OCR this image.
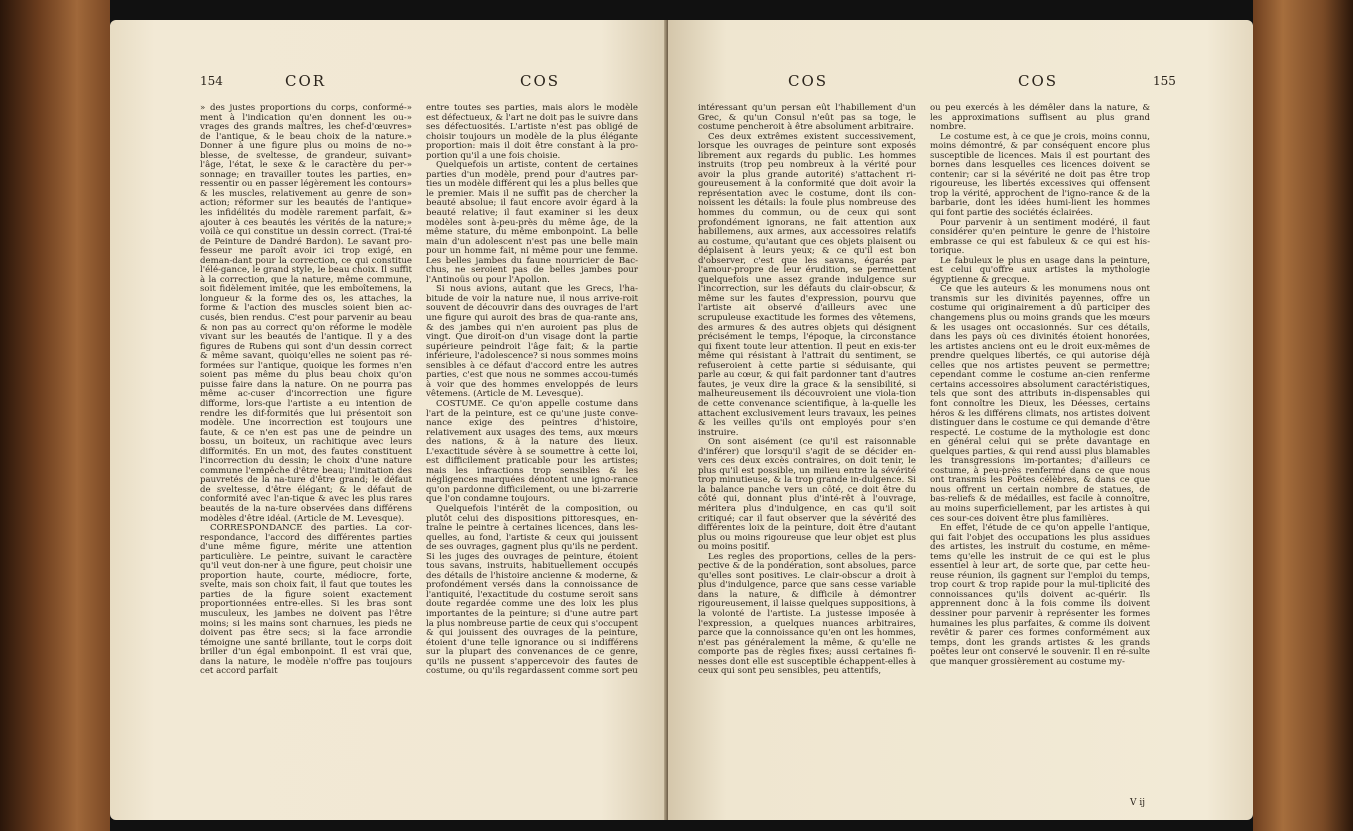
154	COR	COS

» des justes proportions du corps, conformé-» ment à l'indication qu'en donnent les ou-» vrages des grands maîtres, les chef-d'œuvres» de l'antique, & le beau choix de la nature.» Donner à une figure plus ou moins de no-» blesse, de sveltesse, de grandeur, suivant» l'âge, l'état, le sexe & le caractère du per-» sonnage; en travailler toutes les parties, en» ressentir ou en passer légèrement les contours» & les muscles, relativement au genre de son» action; réformer sur les beautés de l'antique» les infidélités du modèle rarement parfait, &» ajouter à ces beautés les vérités de la nature;» voilà ce qui constitue un dessin correct. (Trai-té de Peinture de Dandré Bardon). Le savant pro-fesseur me paroît avoir ici trop exigé, en deman-dant pour la correction, ce qui constitue l'élé-gance, le grand style, le beau choix. Il suffit à la correction, que la nature, même commune, soit fidèlement imitée, que les emboîtemens, la longueur & la forme des os, les attaches, la forme & l'action des muscles soient bien ac-cusés, bien rendus. C'est pour parvenir au beau & non pas au correct qu'on réforme le modèle vivant sur les beautés de l'antique. Il y a des figures de Rubens qui sont d'un dessin correct & même savant, quoiqu'elles ne soient pas ré-formées sur l'antique, quoique les formes n'en soient pas même du plus beau choix qu'on puisse faire dans la nature. On ne pourra pas même ac-cuser d'incorrection une figure difforme, lors-que l'artiste a eu intention de rendre les dif-formités que lui présentoit son modèle. Une incorrection est toujours une faute, & ce n'en est pas une de peindre un bossu, un boiteux, un rachitique avec leurs difformités. En un mot, des fautes constituent l'incorrection du dessin; le choix d'une nature commune l'empêche d'être beau; l'imitation des pauvretés de la na-ture d'être grand; le défaut de sveltesse, d'être élégant; & le défaut de conformité avec l'an-tique & avec les plus rares beautés de la na-ture observées dans différens modèles d'être idéal. (Article de M. Levesque).

CORRESPONDANCE des parties. La cor-respondance, l'accord des différentes parties d'une même figure, mérite une attention particulière. Le peintre, suivant le caractère qu'il veut don-ner à une figure, peut choisir une proportion haute, courte, médiocre, forte, svelte, mais son choix fait, il faut que toutes les parties de la figure soient exactement proportionnées entre-elles. Si les bras sont musculeux, les jambes ne doivent pas l'être moins; si les mains sont charnues, les pieds ne doivent pas être secs; si la face arrondie témoigne une santé brillante, tout le corps doit briller d'un égal embonpoint. Il est vrai que, dans la nature, le modèle n'offre pas toujours cet accord parfait

entre toutes ses parties, mais alors le modèle est défectueux, & l'art ne doit pas le suivre dans ses défectuosités. L'artiste n'est pas obligé de choisir toujours un modèle de la plus élégante proportion: mais il doit être constant à la pro-portion qu'il a une fois choisie.

Quelquefois un artiste, content de certaines parties d'un modèle, prend pour d'autres par-ties un modèle différent qui les a plus belles que le premier. Mais il ne suffit pas de chercher la beauté absolue; il faut encore avoir égard à la beauté relative; il faut examiner si les deux modèles sont à-peu-près du même âge, de la même stature, du même embonpoint. La belle main d'un adolescent n'est pas une belle main pour un homme fait, ni même pour une femme. Les belles jambes du faune nourricier de Bac-chus, ne seroient pas de belles jambes pour l'Antinoüs ou pour l'Apollon.

Si nous avions, autant que les Grecs, l'ha-bitude de voir la nature nue, il nous arrive-roit souvent de découvrir dans des ouvrages de l'art une figure qui auroit des bras de qua-rante ans, & des jambes qui n'en auroient pas plus de vingt. Que diroit-on d'un visage dont la partie supérieure peindroit l'âge fait; & la partie inférieure, l'adolescence? si nous sommes moins sensibles à ce défaut d'accord entre les autres parties, c'est que nous ne sommes accou-tumés à voir que des hommes enveloppés de leurs vêtemens. (Article de M. Levesque).

COSTUME. Ce qu'on appelle costume dans l'art de la peinture, est ce qu'une juste conve-nance exige des peintres d'histoire, relativement aux usages des tems, aux mœurs des nations, & à la nature des lieux. L'exactitude sévère à se soumettre à cette loi, est difficilement praticable pour les artistes; mais les infractions trop sensibles & les négligences marquées dénotent une igno-rance qu'on pardonne difficilement, ou une bi-zarrerie que l'on condamne toujours.

Quelquefois l'intérêt de la composition, ou plutôt celui des dispositions pittoresques, en-traîne le peintre à certaines licences, dans les-quelles, au fond, l'artiste & ceux qui jouissent de ses ouvrages, gagnent plus qu'ils ne perdent. Si les juges des ouvrages de peinture, étoient tous savans, instruits, habituellement occupés des détails de l'histoire ancienne & moderne, & profondément versés dans la connoissance de l'antiquité, l'exactitude du costume seroit sans doute regardée comme une des loix les plus importantes de la peinture; si d'une autre part la plus nombreuse partie de ceux qui s'occupent & qui jouissent des ouvrages de la peinture, étoient d'une telle ignorance ou si indifférens sur la plupart des convenances de ce genre, qu'ils ne pussent s'appercevoir des fautes de costume, ou qu'ils regardassent comme sort peu

COS	COS	155

intéressant qu'un persan eût l'habillement d'un Grec, & qu'un Consul n'eût pas sa toge, le costume pencheroit à être absolument arbitraire.

Ces deux extrêmes existent successivement, lorsque les ouvrages de peinture sont exposés librement aux regards du public. Les hommes instruits (trop peu nombreux à la vérité pour avoir la plus grande autorité) s'attachent ri-goureusement à la conformité que doit avoir la représentation avec le costume, dont ils con-noissent les détails: la foule plus nombreuse des hommes du commun, ou de ceux qui sont profondément ignorans, ne fait attention aux habillemens, aux armes, aux accessoires relatifs au costume, qu'autant que ces objets plaisent ou déplaisent à leurs yeux; & ce qu'il est bon d'observer, c'est que les savans, égarés par l'amour-propre de leur érudition, se permettent quelquefois une assez grande indulgence sur l'incorrection, sur les défauts du clair-obscur, & même sur les fautes d'expression, pourvu que l'artiste ait observé d'ailleurs avec une scrupuleuse exactitude les formes des vêtemens, des armures & des autres objets qui désignent précisément le temps, l'époque, la circonstance qui fixent toute leur attention. Il peut en exis-ter même qui résistant à l'attrait du sentiment, se refuseroient à cette partie si séduisante, qui parle au cœur, & qui fait pardonner tant d'autres fautes, je veux dire la grace & la sensibilité, si malheureusement ils découvroient une viola-tion de cette convenance scientifique, à la-quelle les attachent exclusivement leurs travaux, les peines & les veilles qu'ils ont employés pour s'en instruire.

On sont aisément (ce qu'il est raisonnable d'inférer) que lorsqu'il s'agit de se décider en-vers ces deux excès contraires, on doit tenir, le plus qu'il est possible, un milieu entre la sévérité trop minutieuse, & la trop grande in-dulgence. Si la balance panche vers un côté, ce doit être du côté qui, donnant plus d'inté-rêt à l'ouvrage, méritera plus d'indulgence, en cas qu'il soit critiqué; car il faut observer que la sévérité des différentes loix de la peinture, doit être d'autant plus ou moins rigoureuse que leur objet est plus ou moins positif.

Les regles des proportions, celles de la pers-pective & de la pondération, sont absolues, parce qu'elles sont positives. Le clair-obscur a droit à plus d'indulgence, parce que sans cesse variable dans la nature, & difficile à démontrer rigoureusement, il laisse quelques suppositions, à la volonté de l'artiste. La justesse imposée à l'expression, a quelques nuances arbitraires, parce que la connoissance qu'en ont les hommes, n'est pas généralement la même, & qu'elle ne comporte pas de règles fixes; aussi certaines fi-nesses dont elle est susceptible échappent-elles à ceux qui sont peu sensibles, peu attentifs,

ou peu exercés à les démêler dans la nature, & les approximations suffisent au plus grand nombre.

Le costume est, à ce que je crois, moins connu, moins démontré, & par conséquent encore plus susceptible de licences. Mais il est pourtant des bornes dans lesquelles ces licences doivent se contenir; car si la sévérité ne doit pas être trop rigoureuse, les libertés excessives qui offensent trop la vérité, approchent de l'igno-rance & de la barbarie, dont les idées humi-lient les hommes qui font partie des sociétés éclairées.

Pour parvenir à un sentiment modéré, il faut considérer qu'en peinture le genre de l'histoire embrasse ce qui est fabuleux & ce qui est his-torique.

Le fabuleux le plus en usage dans la peinture, est celui qu'offre aux artistes la mythologie égyptienne & grecque.

Ce que les auteurs & les monumens nous ont transmis sur les divinités payennes, offre un costume qui originairement a dû participer des changemens plus ou moins grands que les mœurs & les usages ont occasionnés. Sur ces détails, dans les pays où ces divinités étoient honorées, les artistes anciens ont eu le droit eux-mêmes de prendre quelques libertés, ce qui autorise déjà celles que nos artistes peuvent se permettre; cependant comme le costume an-cien renferme certains accessoires absolument caractéristiques, tels que sont des attributs in-dispensables qui font connoître les Dieux, les Déesses, certains héros & les différens climats, nos artistes doivent distinguer dans le costume ce qui demande d'être respecté. Le costume de la mythologie est donc en général celui qui se prête davantage en quelques parties, & qui rend aussi plus blamables les transgressions im-portantes; d'ailleurs ce costume, à peu-près renfermé dans ce que nous ont transmis les Poëtes célèbres, & dans ce que nous offrent un certain nombre de statues, de bas-reliefs & de médailles, est facile à connoître, au moins superficiellement, par les artistes à qui ces sour-ces doivent être plus familières.

En effet, l'étude de ce qu'on appelle l'antique, qui fait l'objet des occupations les plus assidues des artistes, les instruit du costume, en même-tems qu'elle les instruit de ce qui est le plus essentiel à leur art, de sorte que, par cette heu-reuse réunion, ils gagnent sur l'emploi du temps, trop court & trop rapide pour la mul-tiplicité des connoissances qu'ils doivent ac-quérir. Ils apprennent donc à la fois comme ils doivent dessiner pour parvenir à représenter les formes humaines les plus parfaites, & comme ils doivent revêtir & parer ces formes conformément aux temps, dont les grands artistes & les grands poëtes leur ont conservé le souvenir. Il en ré-sulte que manquer grossièrement au costume my-

V ij
